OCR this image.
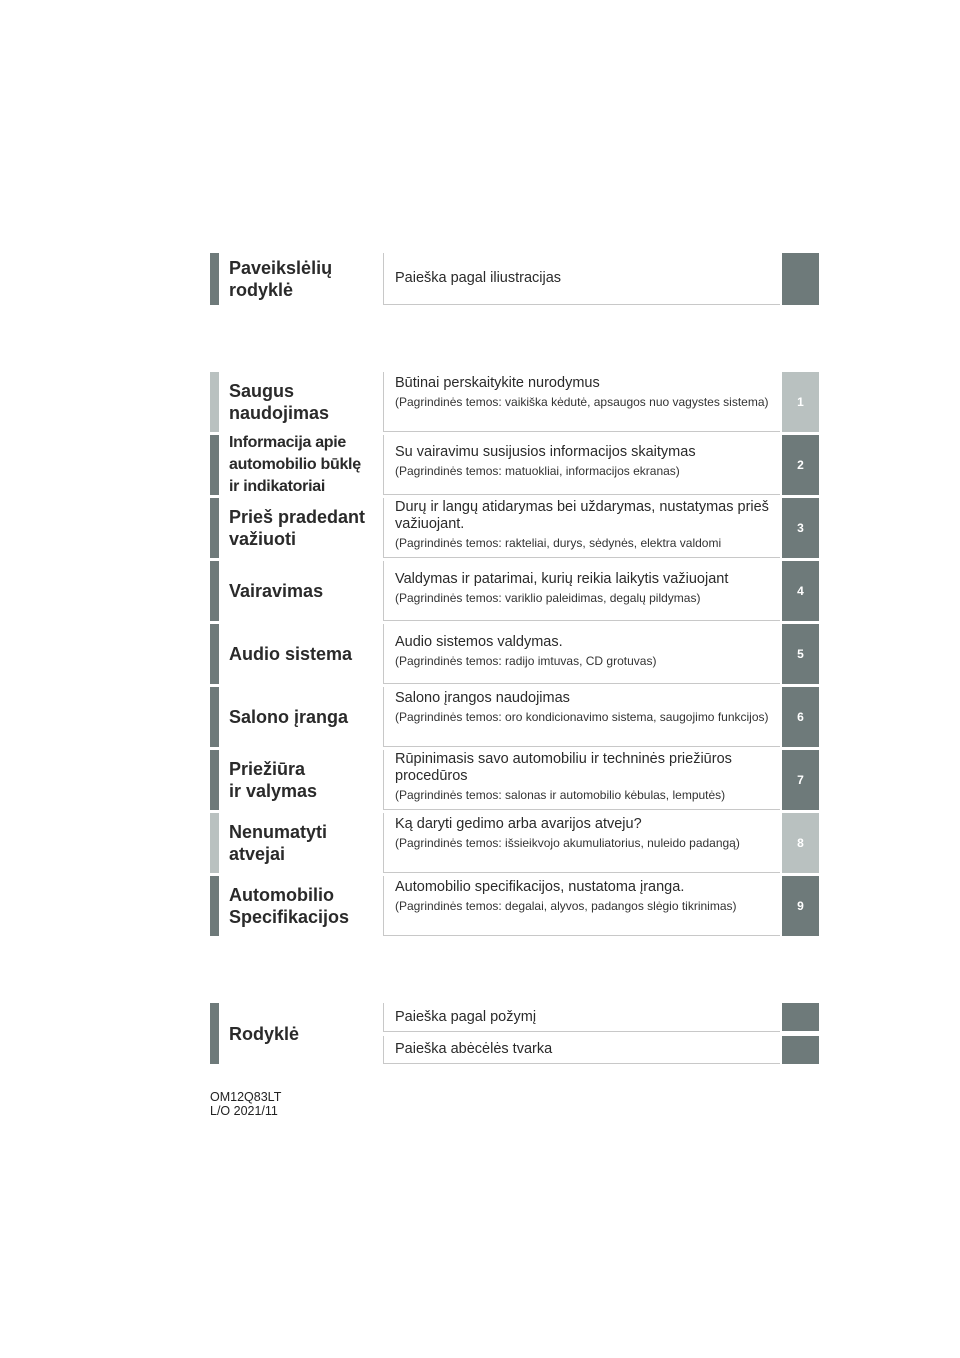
Paveikslėlių
rodyklė
Paieška pagal iliustracijas
Saugus
naudojimas
Būtinai perskaitykite nurodymus
(Pagrindinės temos: vaikiška kėdutė, apsaugos nuo vagystes sistema)	1
Informacija apie
automobilio būklę
ir indikatoriai
Su vairavimu susijusios informacijos skaitymas
(Pagrindinės temos: matuokliai, informacijos ekranas)	2
Prieš pradedant
važiuoti
Durų ir langų atidarymas bei uždarymas, nustatymas prieš važiuojant.
(Pagrindinės temos: rakteliai, durys, sėdynės, elektra valdomi
3
Vairavimas
Valdymas ir patarimai, kurių reikia laikytis važiuojant
(Pagrindinės temos: variklio paleidimas, degalų pildymas)	4
Audio sistema
Audio sistemos valdymas.
(Pagrindinės temos: radijo imtuvas, CD grotuvas)	5
Salono įranga
Salono įrangos naudojimas
(Pagrindinės temos: oro kondicionavimo sistema, saugojimo funkcijos)	6
Priežiūra
ir valymas
Rūpinimasis savo automobiliu ir techninės priežiūros procedūros
(Pagrindinės temos: salonas ir automobilio kėbulas, lemputės)
7
Nenumatyti
atvejai
Ką daryti gedimo arba avarijos atveju?
(Pagrindinės temos: išsieikvojo akumuliatorius, nuleido padangą)	8
Automobilio
Specifikacijos
Automobilio specifikacijos, nustatoma įranga.
(Pagrindinės temos: degalai, alyvos, padangos slėgio tikrinimas)	9
Rodyklė
Paieška pagal požymį
Paieška abėcėlės tvarka
OM12Q83LT
L/O 2021/11
